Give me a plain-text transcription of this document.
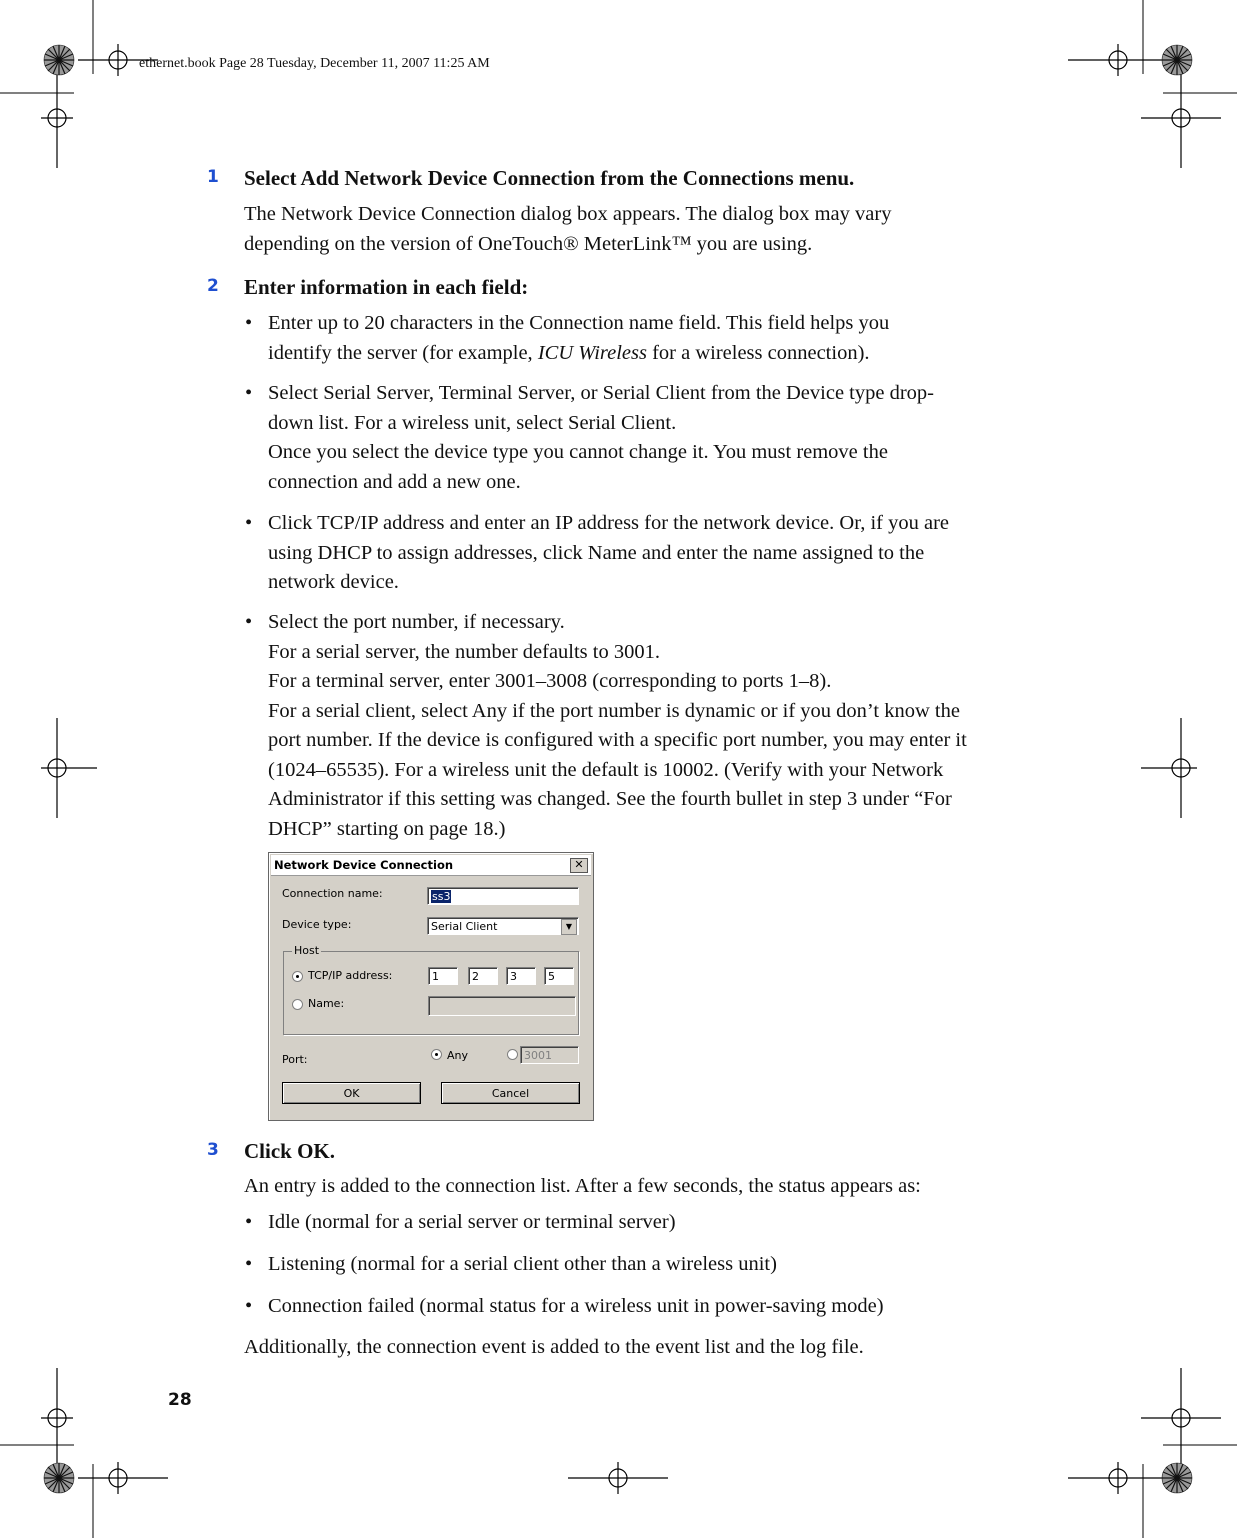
ethernet.book Page 28 Tuesday, December 11, 2007 11:25 AM
1 Select Add Network Device Connection from the Connections menu.
The Network Device Connection dialog box appears. The dialog box may vary
depending on the version of OneTouch® MeterLink™ you are using.
2 Enter information in each field:
• Enter up to 20 characters in the Connection name field. This field helps you
identify the server (for example, ICU Wireless for a wireless connection).
• Select Serial Server, Terminal Server, or Serial Client from the Device type drop-
down list. For a wireless unit, select Serial Client.
Once you select the device type you cannot change it. You must remove the
connection and add a new one.
• Click TCP/IP address and enter an IP address for the network device. Or, if you are
using DHCP to assign addresses, click Name and enter the name assigned to the
network device.
• Select the port number, if necessary.
For a serial server, the number defaults to 3001.
For a terminal server, enter 3001–3008 (corresponding to ports 1–8).
For a serial client, select Any if the port number is dynamic or if you don’t know the
port number. If the device is configured with a specific port number, you may enter it
(1024–65535). For a wireless unit the default is 10002. (Verify with your Network
Administrator if this setting was changed. See the fourth bullet in step 3 under “For
DHCP” starting on page 18.)
Network Device Connection	✕
Connection name:	ss3
Device type:	Serial Client	▼
Host
TCP/IP address:	1	2	3	5
Name:
Port:	Any	3001
OK	Cancel
3 Click OK.
An entry is added to the connection list. After a few seconds, the status appears as:
• Idle (normal for a serial server or terminal server)
• Listening (normal for a serial client other than a wireless unit)
• Connection failed (normal status for a wireless unit in power-saving mode)
Additionally, the connection event is added to the event list and the log file.
28
